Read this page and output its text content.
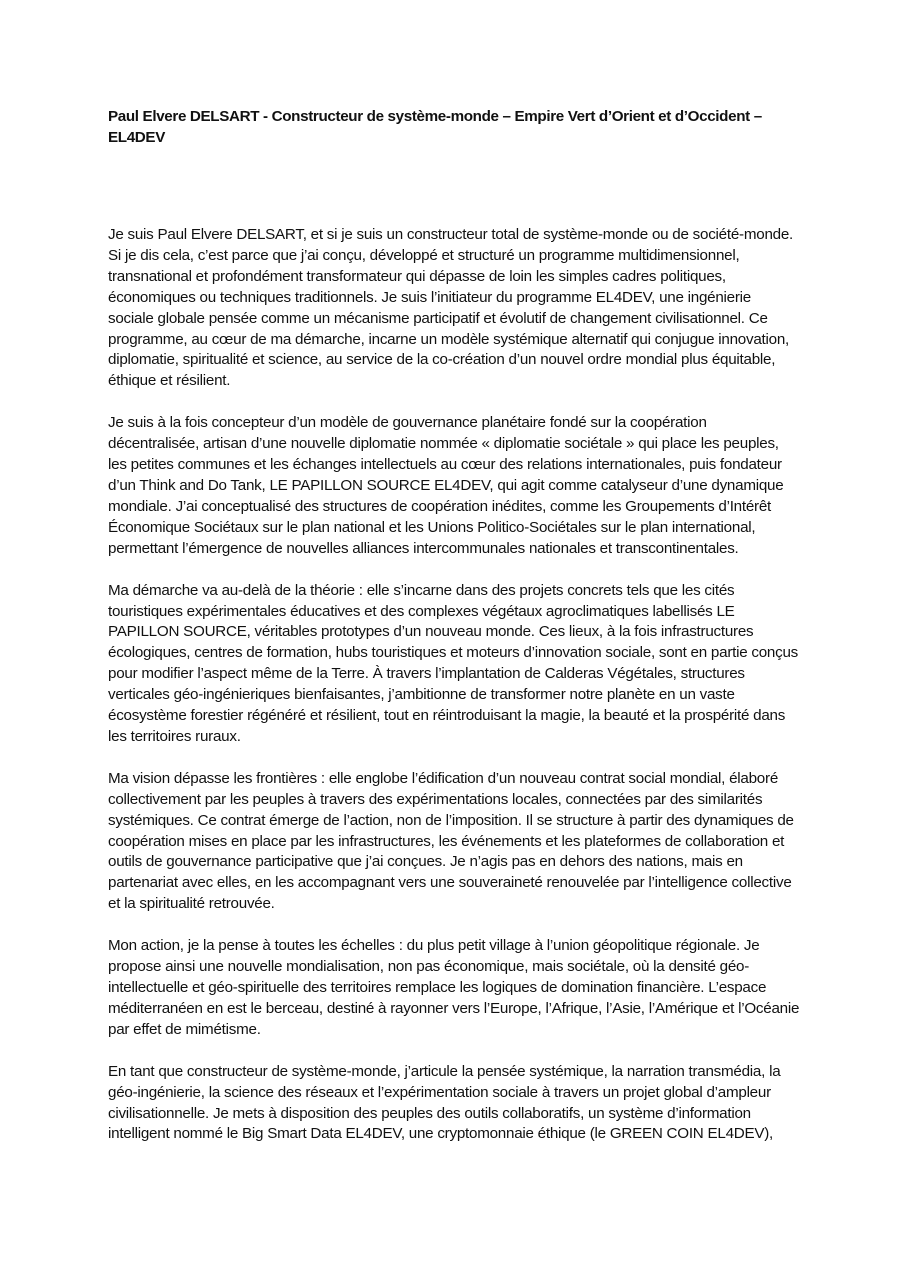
Paul Elvere DELSART - Constructeur de système-monde – Empire Vert d’Orient et d’Occident – EL4DEV

Je suis Paul Elvere DELSART, et si je suis un constructeur total de système-monde ou de société-monde. Si je dis cela, c’est parce que j’ai conçu, développé et structuré un programme multidimensionnel, transnational et profondément transformateur qui dépasse de loin les simples cadres politiques, économiques ou techniques traditionnels. Je suis l’initiateur du programme EL4DEV, une ingénierie sociale globale pensée comme un mécanisme participatif et évolutif de changement civilisationnel. Ce programme, au cœur de ma démarche, incarne un modèle systémique alternatif qui conjugue innovation, diplomatie, spiritualité et science, au service de la co-création d’un nouvel ordre mondial plus équitable, éthique et résilient.

Je suis à la fois concepteur d’un modèle de gouvernance planétaire fondé sur la coopération décentralisée, artisan d’une nouvelle diplomatie nommée « diplomatie sociétale » qui place les peuples, les petites communes et les échanges intellectuels au cœur des relations internationales, puis fondateur d’un Think and Do Tank, LE PAPILLON SOURCE EL4DEV, qui agit comme catalyseur d’une dynamique mondiale. J’ai conceptualisé des structures de coopération inédites, comme les Groupements d’Intérêt Économique Sociétaux sur le plan national et les Unions Politico-Sociétales sur le plan international, permettant l’émergence de nouvelles alliances intercommunales nationales et transcontinentales.

Ma démarche va au-delà de la théorie : elle s’incarne dans des projets concrets tels que les cités touristiques expérimentales éducatives et des complexes végétaux agroclimatiques labellisés LE PAPILLON SOURCE, véritables prototypes d’un nouveau monde. Ces lieux, à la fois infrastructures écologiques, centres de formation, hubs touristiques et moteurs d’innovation sociale, sont en partie conçus pour modifier l’aspect même de la Terre. À travers l’implantation de Calderas Végétales, structures verticales géo-ingénieriques bienfaisantes, j’ambitionne de transformer notre planète en un vaste écosystème forestier régénéré et résilient, tout en réintroduisant la magie, la beauté et la prospérité dans les territoires ruraux.

Ma vision dépasse les frontières : elle englobe l’édification d’un nouveau contrat social mondial, élaboré collectivement par les peuples à travers des expérimentations locales, connectées par des similarités systémiques. Ce contrat émerge de l’action, non de l’imposition. Il se structure à partir des dynamiques de coopération mises en place par les infrastructures, les événements et les plateformes de collaboration et outils de gouvernance participative que j’ai conçues. Je n’agis pas en dehors des nations, mais en partenariat avec elles, en les accompagnant vers une souveraineté renouvelée par l’intelligence collective et la spiritualité retrouvée.

Mon action, je la pense à toutes les échelles : du plus petit village à l’union géopolitique régionale. Je propose ainsi une nouvelle mondialisation, non pas économique, mais sociétale, où la densité géo-intellectuelle et géo-spirituelle des territoires remplace les logiques de domination financière. L’espace méditerranéen en est le berceau, destiné à rayonner vers l’Europe, l’Afrique, l’Asie, l’Amérique et l’Océanie par effet de mimétisme.

En tant que constructeur de système-monde, j’articule la pensée systémique, la narration transmédia, la géo-ingénierie, la science des réseaux et l’expérimentation sociale à travers un projet global d’ampleur civilisationnelle. Je mets à disposition des peuples des outils collaboratifs, un système d’information intelligent nommé le Big Smart Data EL4DEV, une cryptomonnaie éthique (le GREEN COIN EL4DEV),
